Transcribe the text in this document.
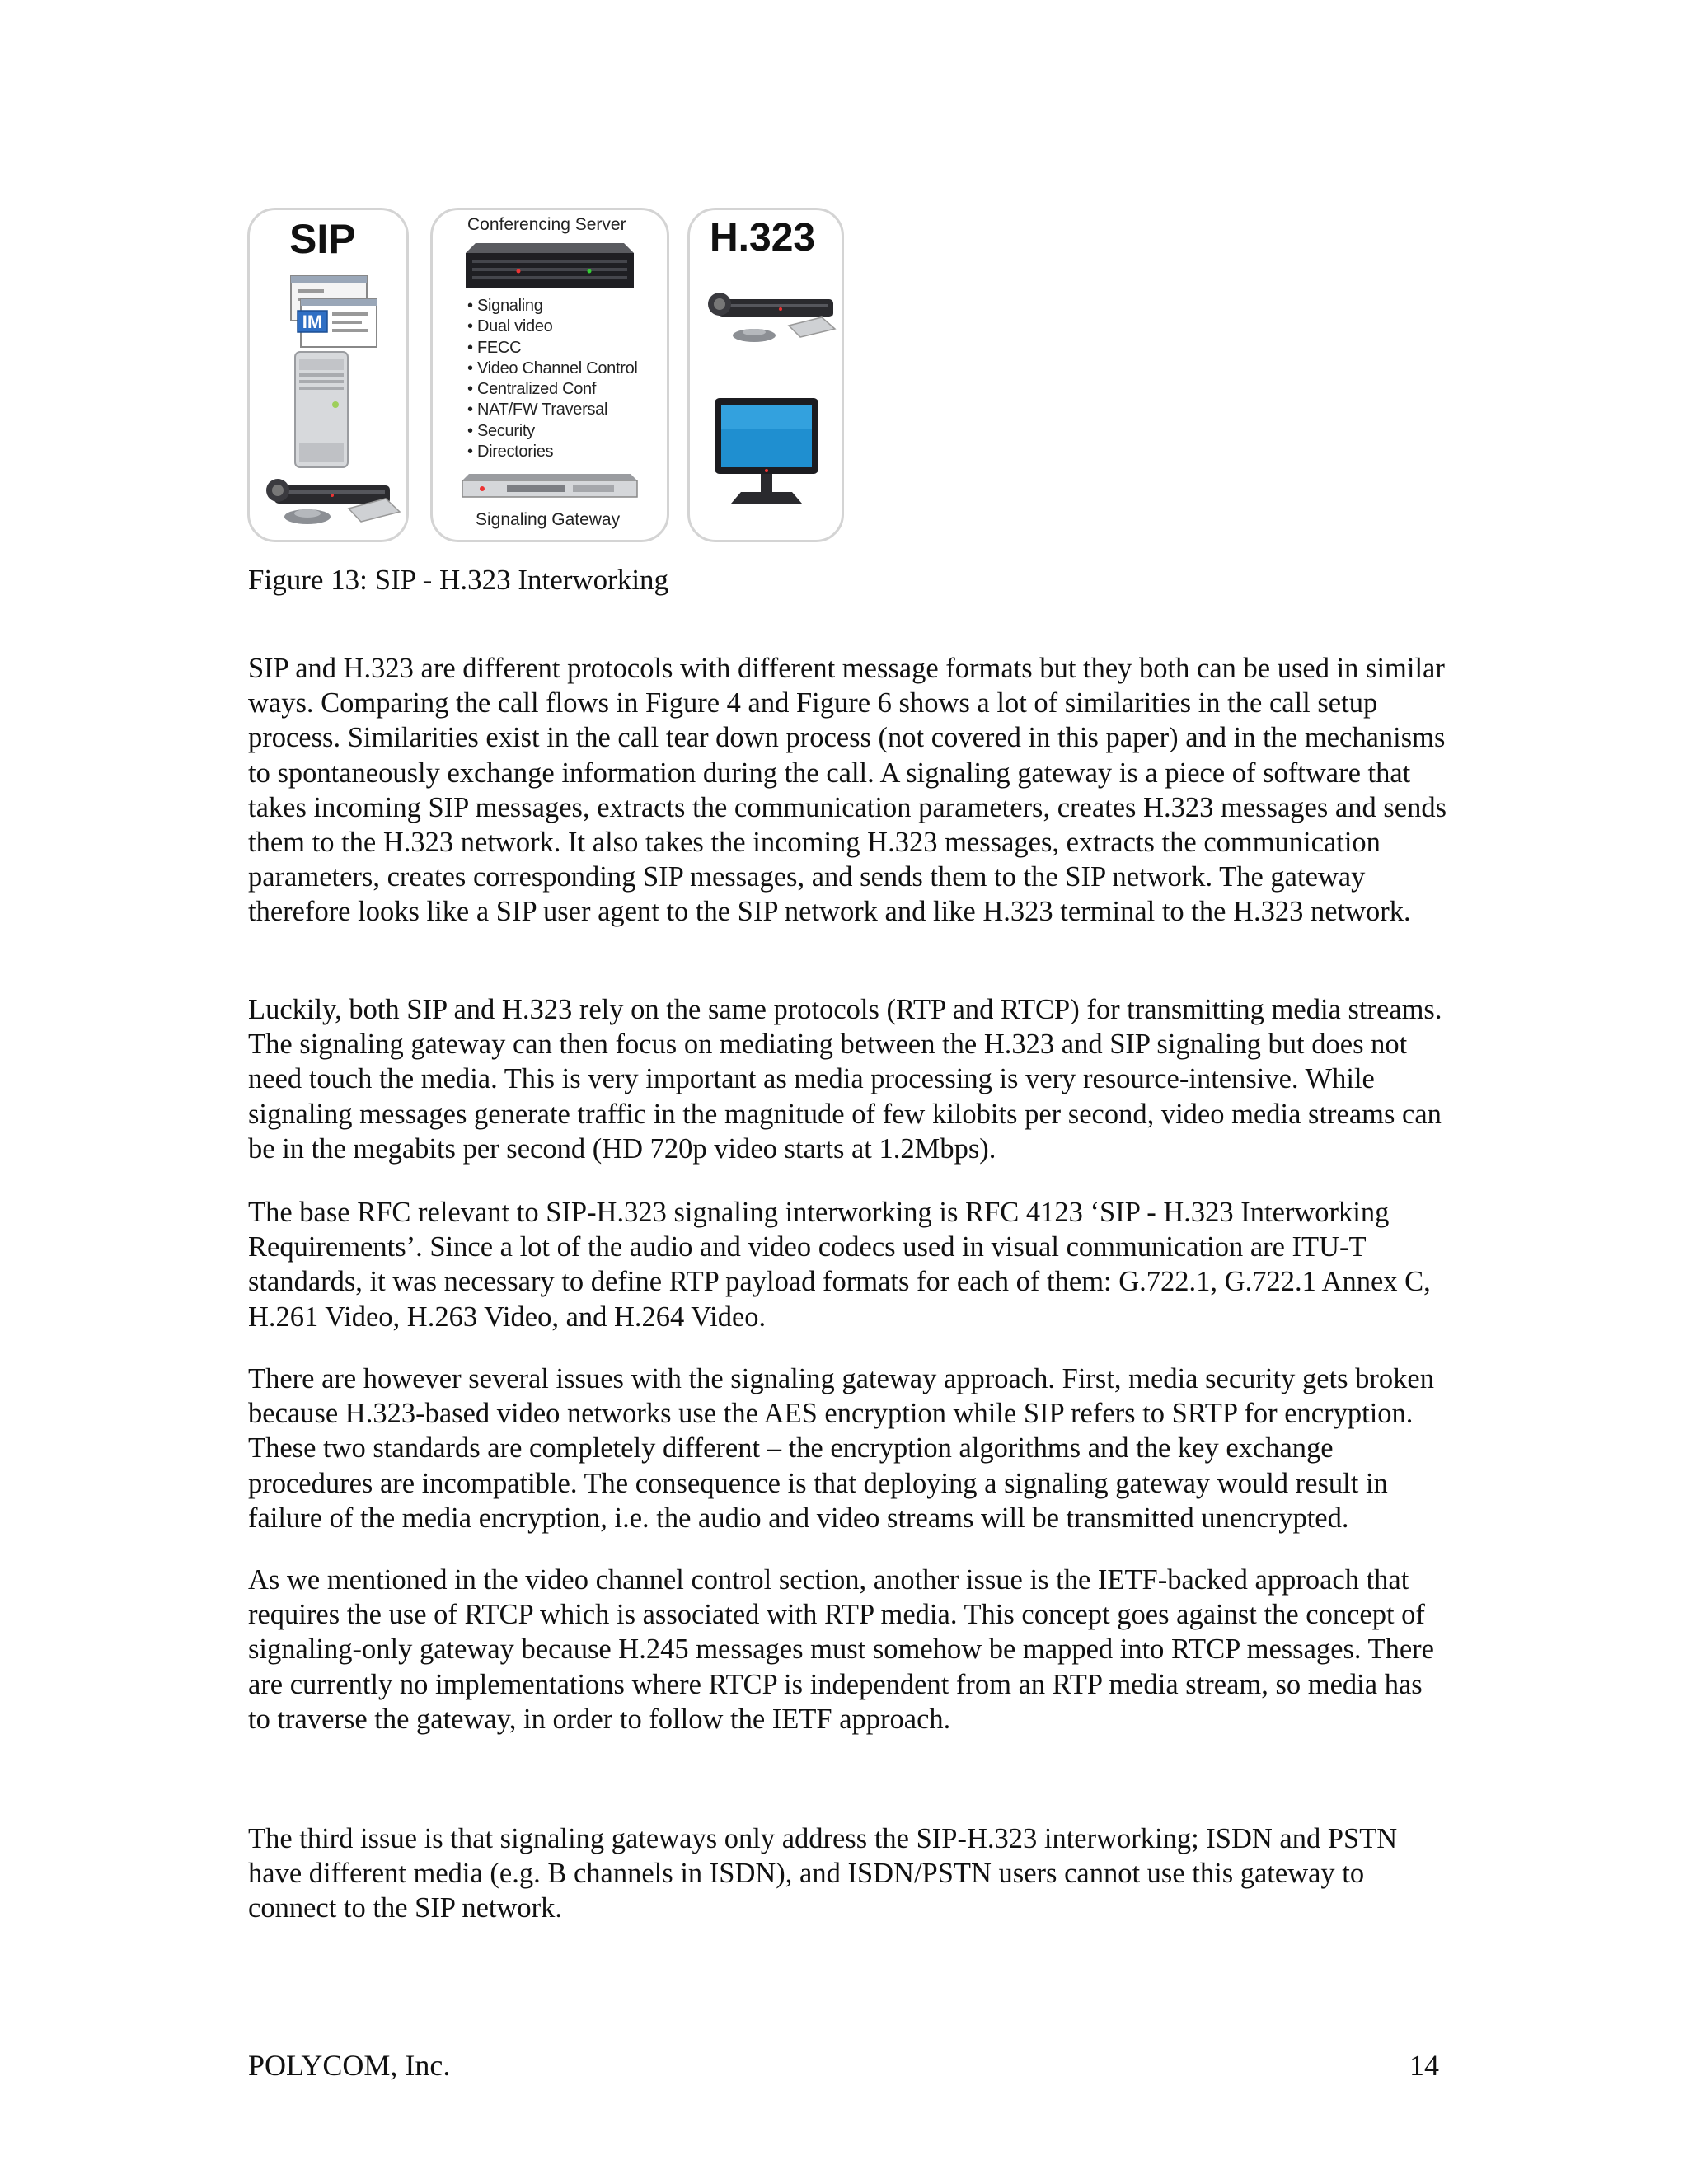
IM
SIP	Conferencing Server
• Signaling
• Dual video
• FECC
• Video Channel Control
• Centralized Conf
• NAT/FW Traversal
• Security
• Directories
Signaling Gateway
H.323
Figure 13: SIP - H.323 Interworking

SIP and H.323 are different protocols with different message formats but they both can be used in similar ways. Comparing the call flows in Figure 4 and Figure 6 shows a lot of similarities in the call setup process. Similarities exist in the call tear down process (not covered in this paper) and in the mechanisms to spontaneously exchange information during the call. A signaling gateway is a piece of software that takes incoming SIP messages, extracts the communication parameters, creates H.323 messages and sends them to the H.323 network. It also takes the incoming H.323 messages, extracts the communication parameters, creates corresponding SIP messages, and sends them to the SIP network. The gateway therefore looks like a SIP user agent to the SIP network and like H.323 terminal to the H.323 network.

Luckily, both SIP and H.323 rely on the same protocols (RTP and RTCP) for transmitting media streams. The signaling gateway can then focus on mediating between the H.323 and SIP signaling but does not need touch the media. This is very important as media processing is very resource-intensive. While signaling messages generate traffic in the magnitude of few kilobits per second, video media streams can be in the megabits per second (HD 720p video starts at 1.2Mbps).

The base RFC relevant to SIP-H.323 signaling interworking is RFC 4123 ‘SIP - H.323 Interworking Requirements’. Since a lot of the audio and video codecs used in visual communication are ITU-T standards, it was necessary to define RTP payload formats for each of them: G.722.1, G.722.1 Annex C, H.261 Video, H.263 Video, and H.264 Video.

There are however several issues with the signaling gateway approach. First, media security gets broken because H.323-based video networks use the AES encryption while SIP refers to SRTP for encryption. These two standards are completely different – the encryption algorithms and the key exchange procedures are incompatible. The consequence is that deploying a signaling gateway would result in failure of the media encryption, i.e. the audio and video streams will be transmitted unencrypted.

As we mentioned in the video channel control section, another issue is the IETF-backed approach that requires the use of RTCP which is associated with RTP media. This concept goes against the concept of signaling-only gateway because H.245 messages must somehow be mapped into RTCP messages. There are currently no implementations where RTCP is independent from an RTP media stream, so media has to traverse the gateway, in order to follow the IETF approach.

The third issue is that signaling gateways only address the SIP-H.323 interworking; ISDN and PSTN have different media (e.g. B channels in ISDN), and ISDN/PSTN users cannot use this gateway to connect to the SIP network.

POLYCOM, Inc.	14
